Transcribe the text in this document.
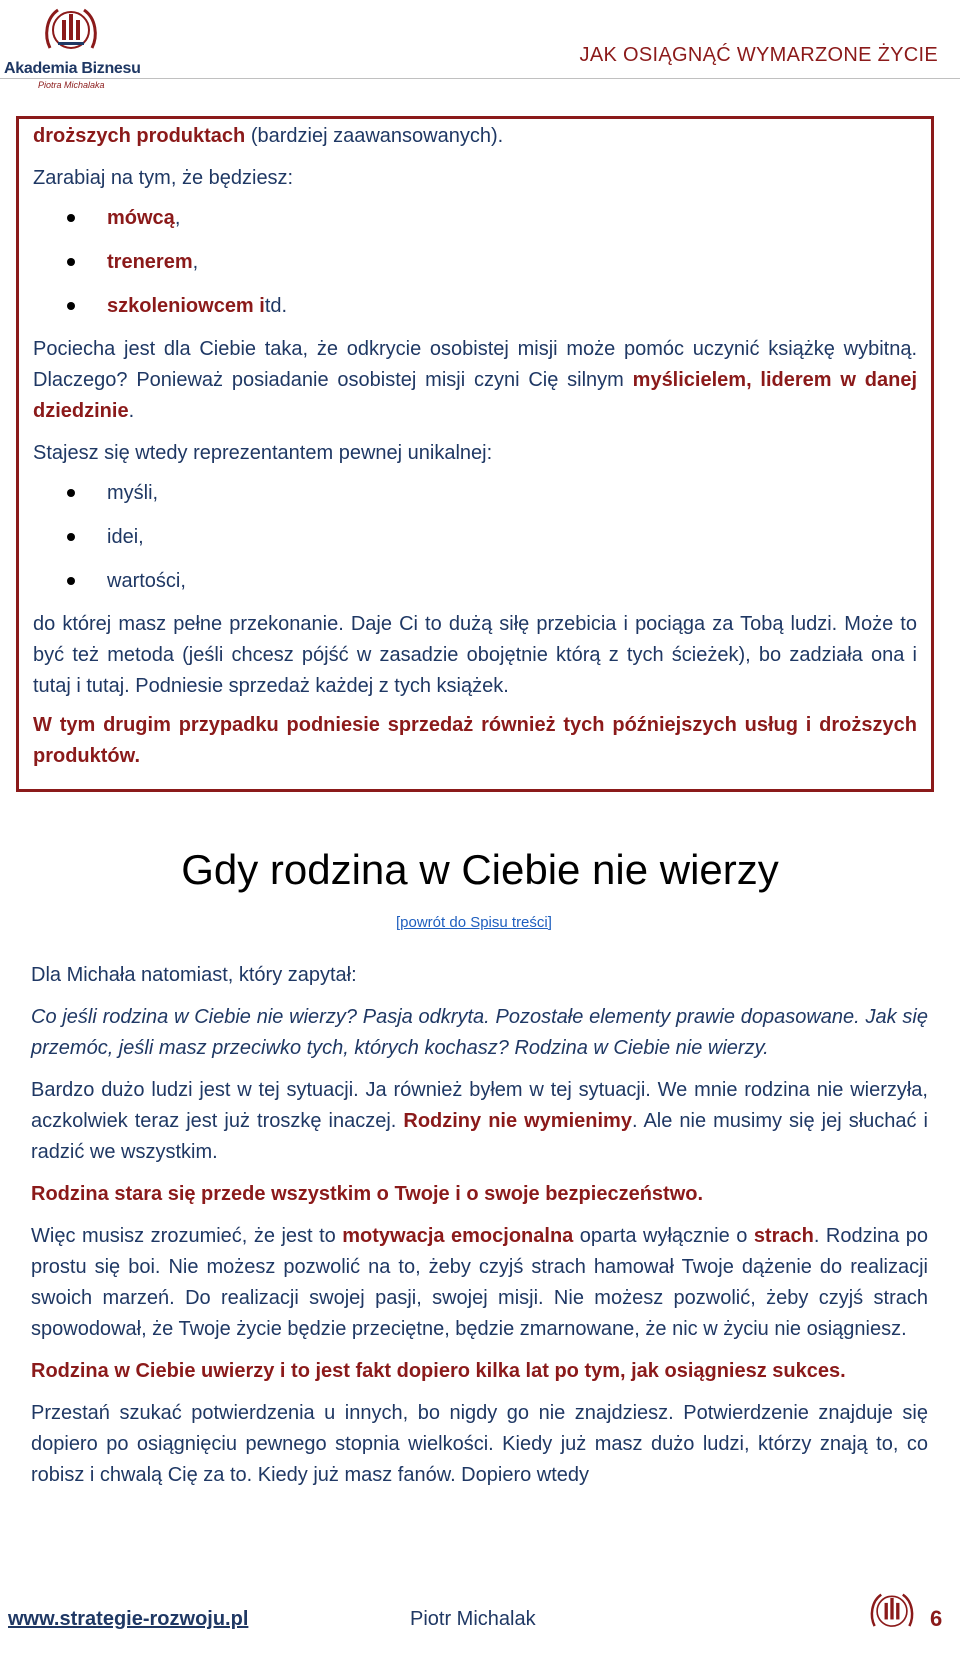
Akademia Biznesu
Piotra Michalaka
JAK OSIĄGNĄĆ WYMARZONE ŻYCIE

droższych produktach (bardziej zaawansowanych).

Zarabiaj na tym, że będziesz:

mówcą,
trenerem,
szkoleniowcem itd.

Pociecha jest dla Ciebie taka, że odkrycie osobistej misji może pomóc uczynić książkę wybitną. Dlaczego? Ponieważ posiadanie osobistej misji czyni Cię silnym myślicielem, liderem w danej dziedzinie.

Stajesz się wtedy reprezentantem pewnej unikalnej:

myśli,
idei,
wartości,

do której masz pełne przekonanie. Daje Ci to dużą siłę przebicia i pociąga za Tobą ludzi. Może to być też metoda (jeśli chcesz pójść w zasadzie obojętnie którą z tych ścieżek), bo zadziała ona i tutaj i tutaj. Podniesie sprzedaż każdej z tych książek.

W tym drugim przypadku podniesie sprzedaż również tych późniejszych usług i droższych produktów.

Gdy rodzina w Ciebie nie wierzy
[powrót do Spisu treści]

Dla Michała natomiast, który zapytał:

Co jeśli rodzina w Ciebie nie wierzy? Pasja odkryta. Pozostałe elementy prawie dopasowane. Jak się przemóc, jeśli masz przeciwko tych, których kochasz? Rodzina w Ciebie nie wierzy.

Bardzo dużo ludzi jest w tej sytuacji. Ja również byłem w tej sytuacji. We mnie rodzina nie wierzyła, aczkolwiek teraz jest już troszkę inaczej. Rodziny nie wymienimy. Ale nie musimy się jej słuchać i radzić we wszystkim.

Rodzina stara się przede wszystkim o Twoje i o swoje bezpieczeństwo.

Więc musisz zrozumieć, że jest to motywacja emocjonalna oparta wyłącznie o strach. Rodzina po prostu się boi. Nie możesz pozwolić na to, żeby czyjś strach hamował Twoje dążenie do realizacji swoich marzeń. Do realizacji swojej pasji, swojej misji. Nie możesz pozwolić, żeby czyjś strach spowodował, że Twoje życie będzie przeciętne, będzie zmarnowane, że nic w życiu nie osiągniesz.

Rodzina w Ciebie uwierzy i to jest fakt dopiero kilka lat po tym, jak osiągniesz sukces.

Przestań szukać potwierdzenia u innych, bo nigdy go nie znajdziesz. Potwierdzenie znajduje się dopiero po osiągnięciu pewnego stopnia wielkości. Kiedy już masz dużo ludzi, którzy znają to, co robisz i chwalą Cię za to. Kiedy już masz fanów. Dopiero wtedy

www.strategie-rozwoju.pl	Piotr Michalak	6
